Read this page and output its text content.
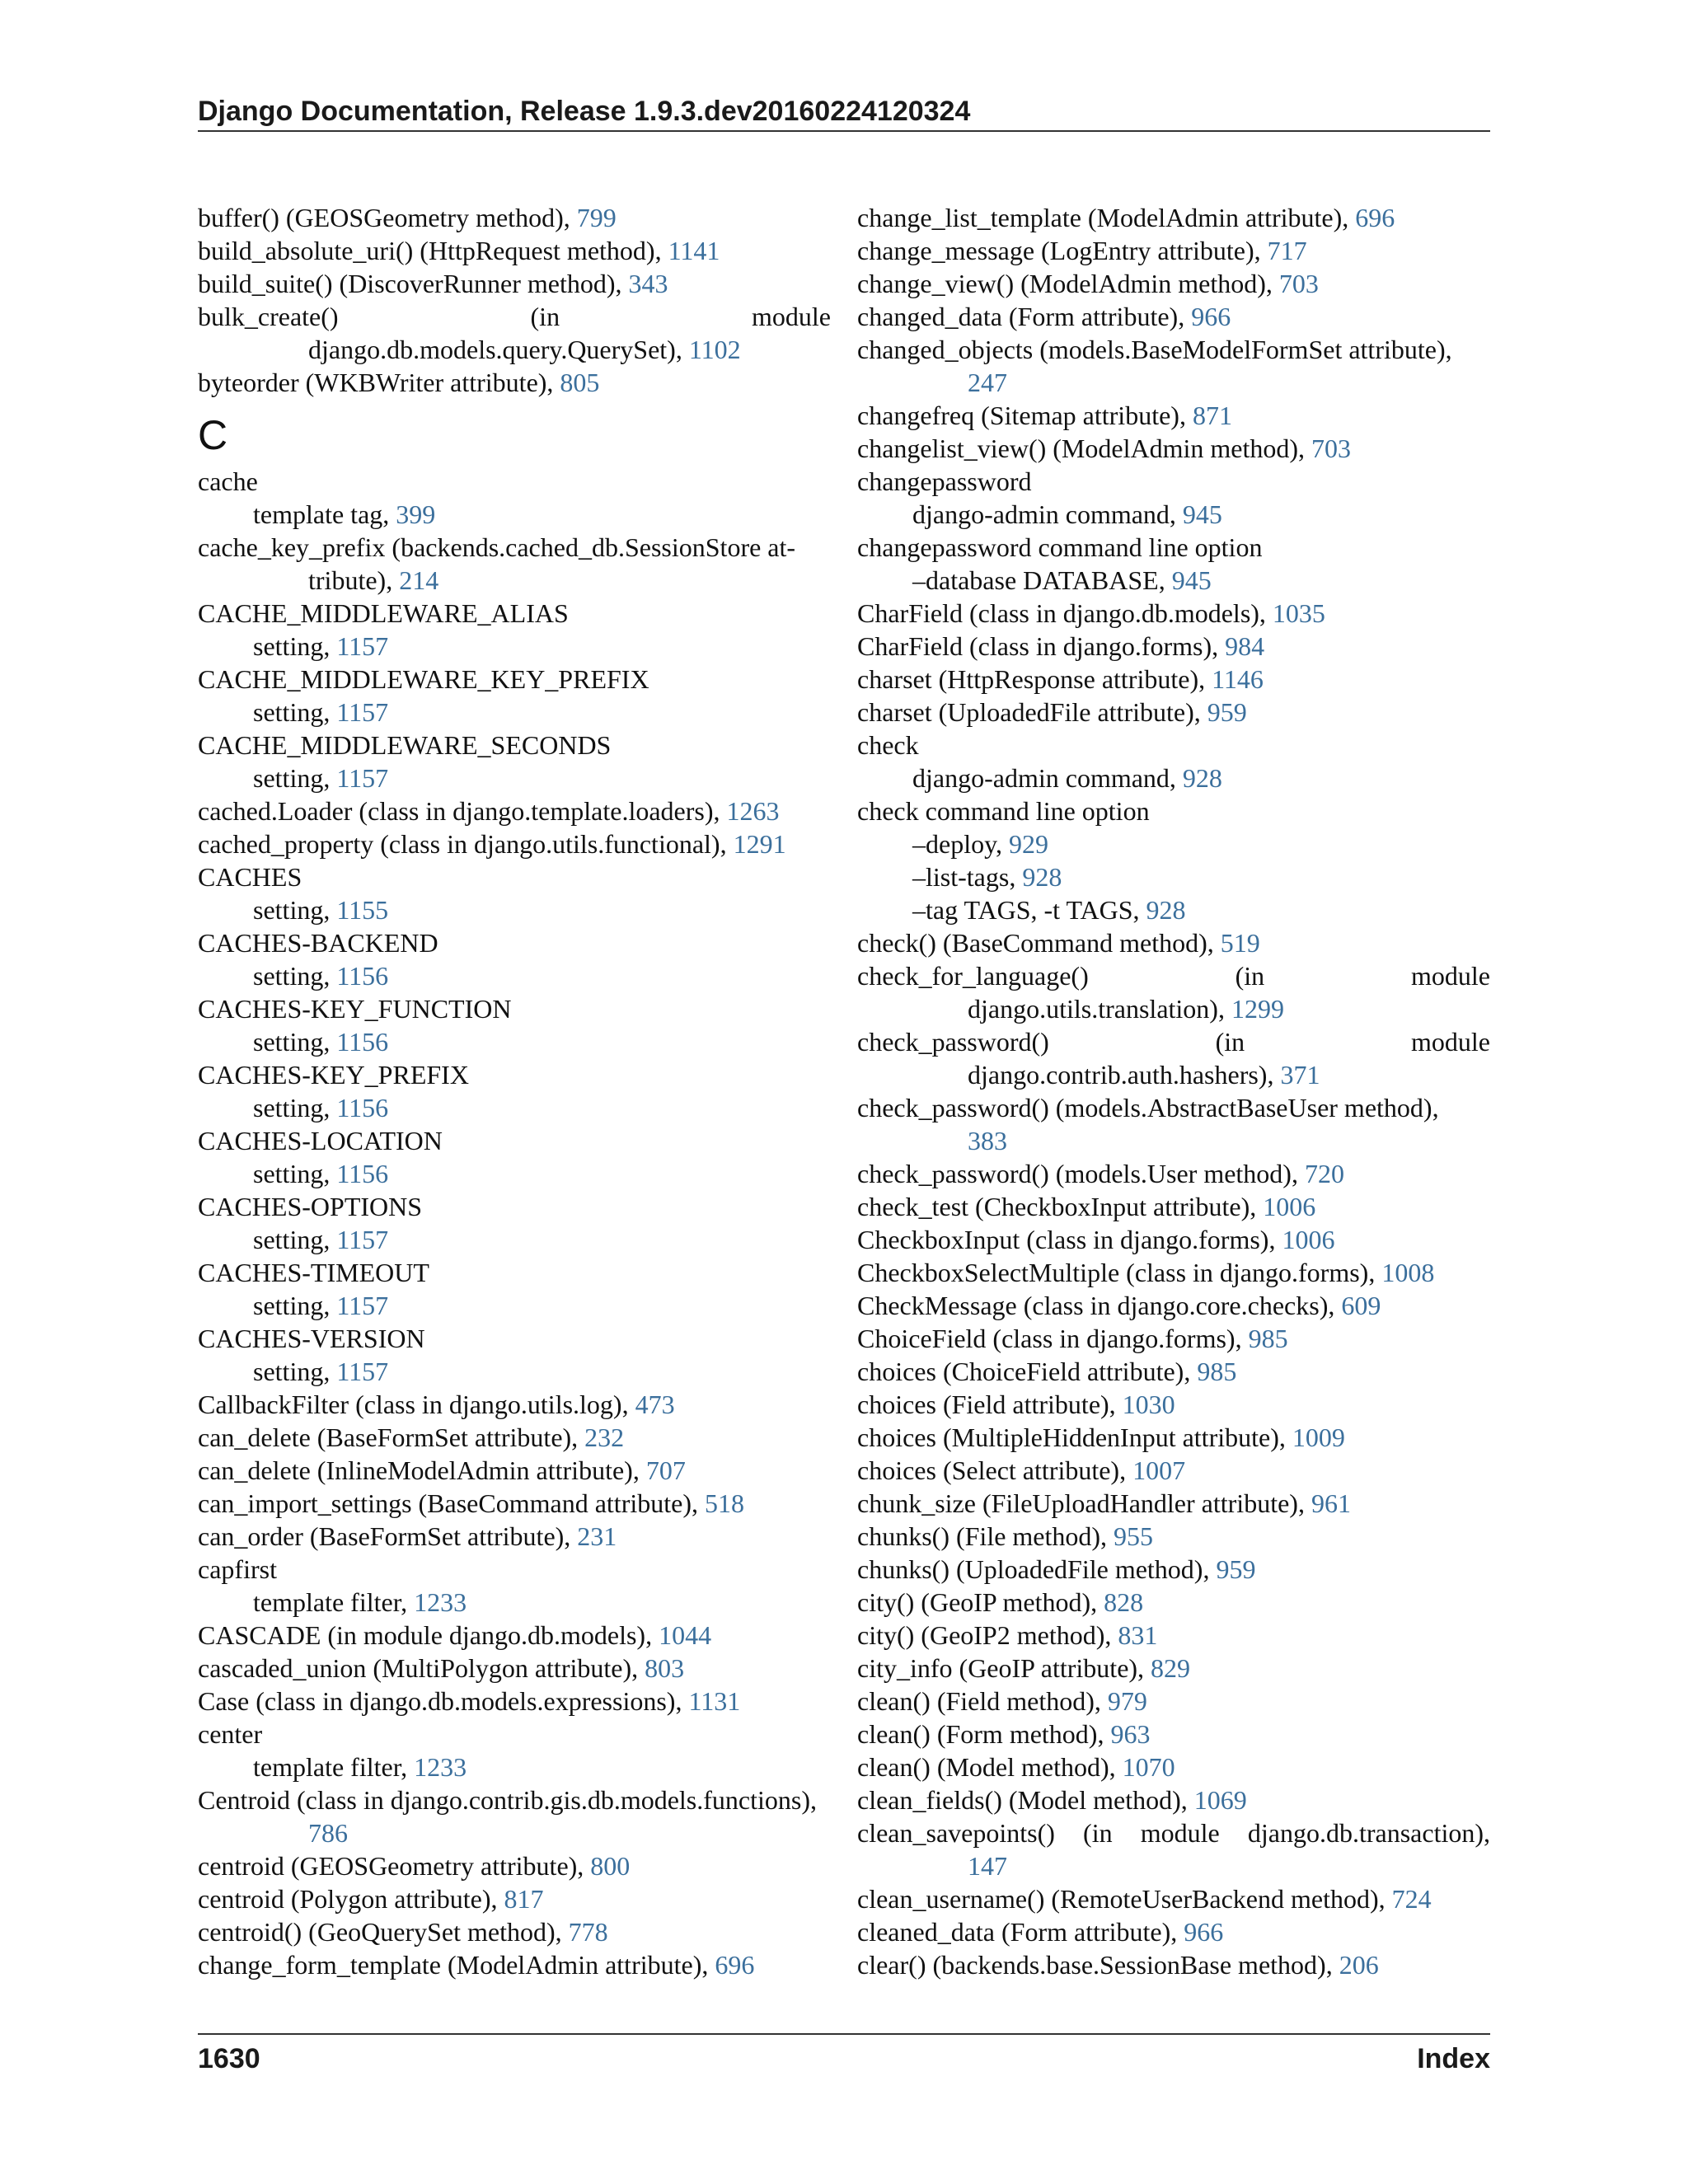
Django Documentation, Release 1.9.3.dev20160224120324
buffer() (GEOSGeometry method), 799
build_absolute_uri() (HttpRequest method), 1141
build_suite() (DiscoverRunner method), 343
bulk_create()	(in	module
django.db.models.query.QuerySet), 1102
byteorder (WKBWriter attribute), 805
C
cache
template tag, 399
cache_key_prefix (backends.cached_db.SessionStore at-
tribute), 214
CACHE_MIDDLEWARE_ALIAS
setting, 1157
CACHE_MIDDLEWARE_KEY_PREFIX
setting, 1157
CACHE_MIDDLEWARE_SECONDS
setting, 1157
cached.Loader (class in django.template.loaders), 1263
cached_property (class in django.utils.functional), 1291
CACHES
setting, 1155
CACHES-BACKEND
setting, 1156
CACHES-KEY_FUNCTION
setting, 1156
CACHES-KEY_PREFIX
setting, 1156
CACHES-LOCATION
setting, 1156
CACHES-OPTIONS
setting, 1157
CACHES-TIMEOUT
setting, 1157
CACHES-VERSION
setting, 1157
CallbackFilter (class in django.utils.log), 473
can_delete (BaseFormSet attribute), 232
can_delete (InlineModelAdmin attribute), 707
can_import_settings (BaseCommand attribute), 518
can_order (BaseFormSet attribute), 231
capfirst
template filter, 1233
CASCADE (in module django.db.models), 1044
cascaded_union (MultiPolygon attribute), 803
Case (class in django.db.models.expressions), 1131
center
template filter, 1233
Centroid (class in django.contrib.gis.db.models.functions),
786
centroid (GEOSGeometry attribute), 800
centroid (Polygon attribute), 817
centroid() (GeoQuerySet method), 778
change_form_template (ModelAdmin attribute), 696
change_list_template (ModelAdmin attribute), 696
change_message (LogEntry attribute), 717
change_view() (ModelAdmin method), 703
changed_data (Form attribute), 966
changed_objects (models.BaseModelFormSet attribute),
247
changefreq (Sitemap attribute), 871
changelist_view() (ModelAdmin method), 703
changepassword
django-admin command, 945
changepassword command line option
–database DATABASE, 945
CharField (class in django.db.models), 1035
CharField (class in django.forms), 984
charset (HttpResponse attribute), 1146
charset (UploadedFile attribute), 959
check
django-admin command, 928
check command line option
–deploy, 929
–list-tags, 928
–tag TAGS, -t TAGS, 928
check() (BaseCommand method), 519
check_for_language()	(in	module
django.utils.translation), 1299
check_password()	(in	module
django.contrib.auth.hashers), 371
check_password() (models.AbstractBaseUser method),
383
check_password() (models.User method), 720
check_test (CheckboxInput attribute), 1006
CheckboxInput (class in django.forms), 1006
CheckboxSelectMultiple (class in django.forms), 1008
CheckMessage (class in django.core.checks), 609
ChoiceField (class in django.forms), 985
choices (ChoiceField attribute), 985
choices (Field attribute), 1030
choices (MultipleHiddenInput attribute), 1009
choices (Select attribute), 1007
chunk_size (FileUploadHandler attribute), 961
chunks() (File method), 955
chunks() (UploadedFile method), 959
city() (GeoIP method), 828
city() (GeoIP2 method), 831
city_info (GeoIP attribute), 829
clean() (Field method), 979
clean() (Form method), 963
clean() (Model method), 1070
clean_fields() (Model method), 1069
clean_savepoints() (in module django.db.transaction),
147
clean_username() (RemoteUserBackend method), 724
cleaned_data (Form attribute), 966
clear() (backends.base.SessionBase method), 206
1630	Index
